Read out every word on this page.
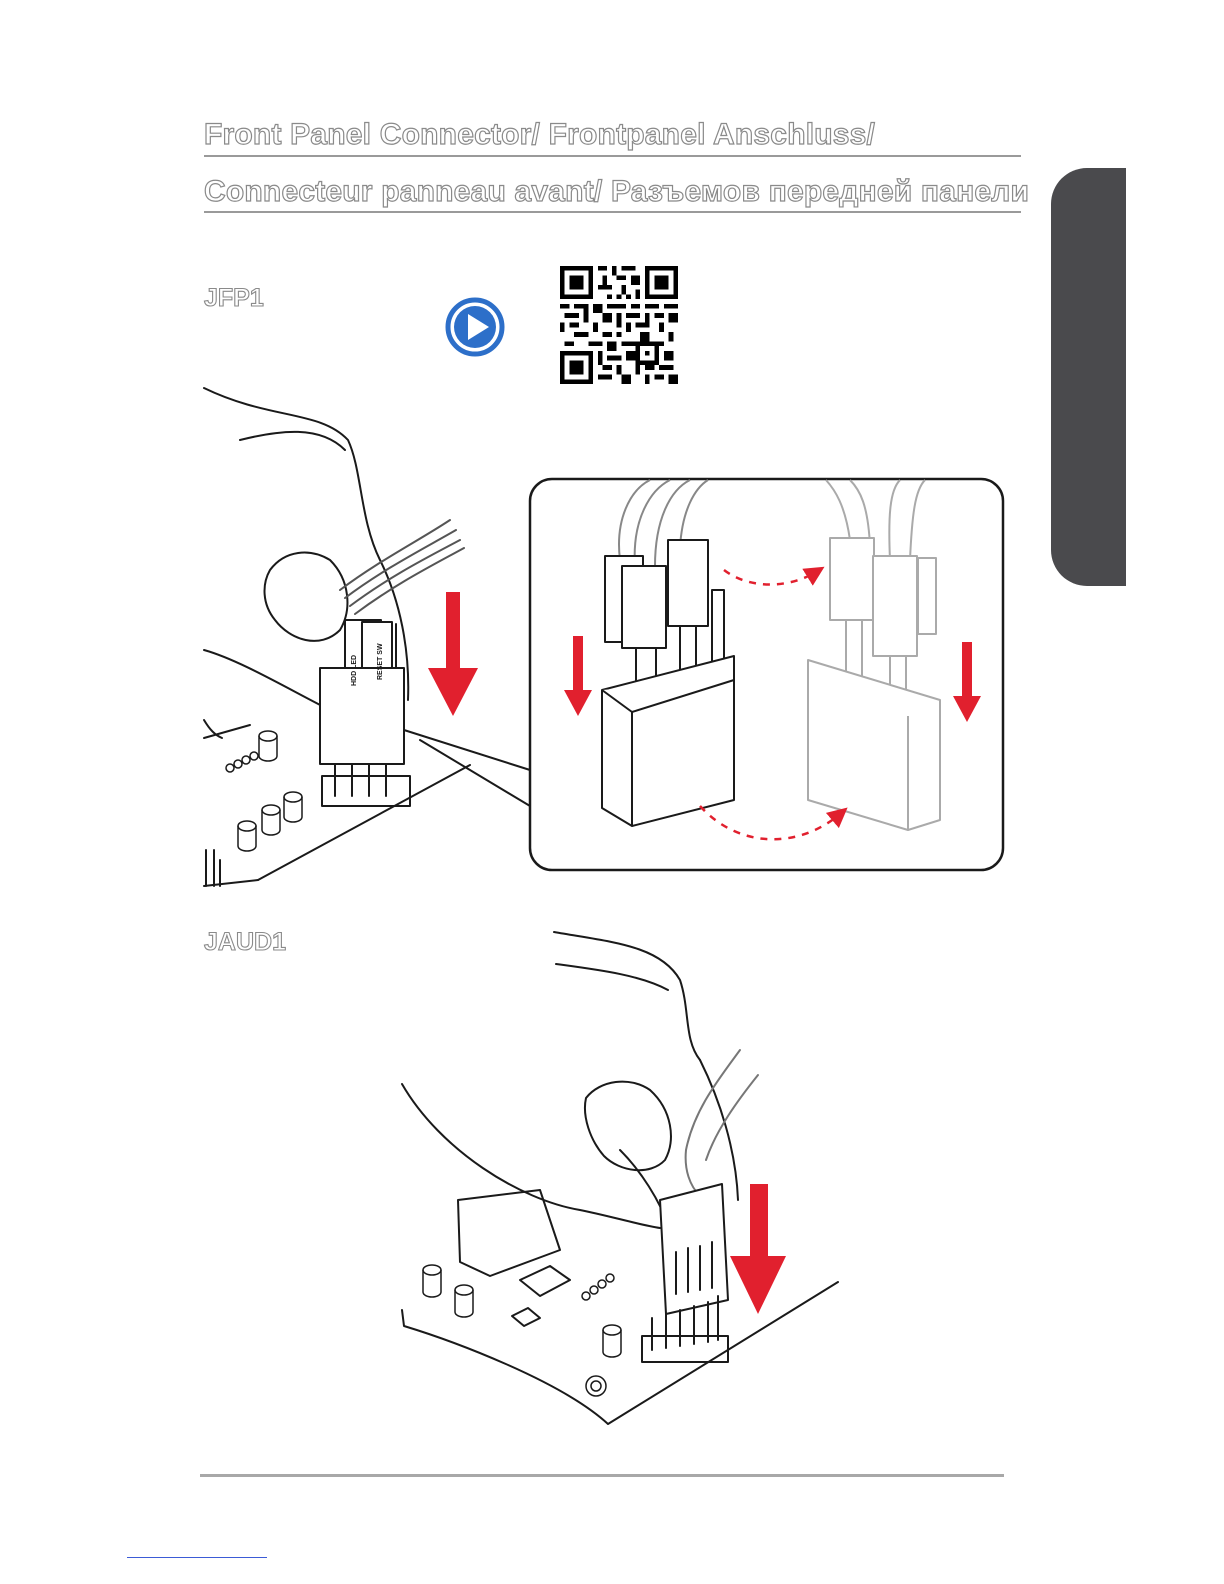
Front Panel Connector/ Frontpanel Anschluss/
Connecteur panneau avant/ Разъемов передней панели
JFP1
JAUD1
HDD LED	RESET SW
